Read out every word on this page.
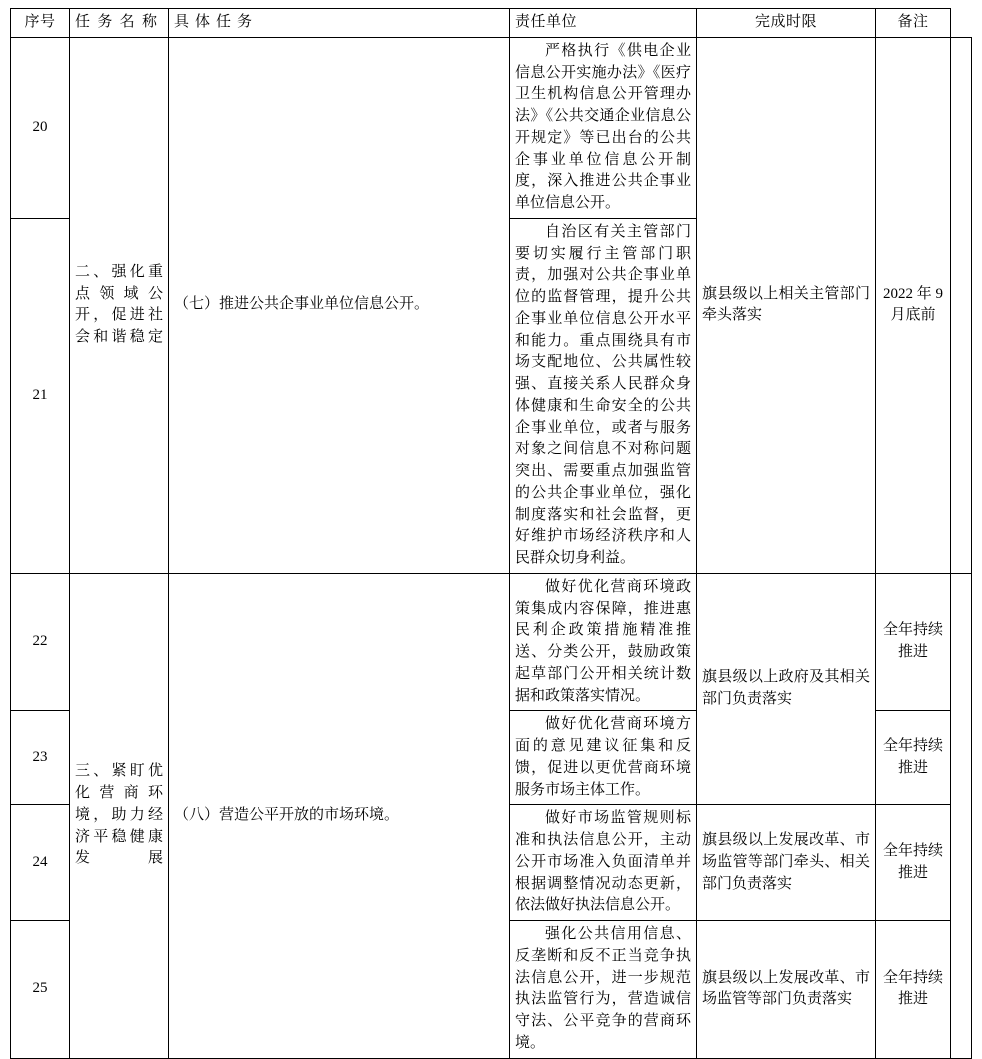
序号	任务名称	具体任务	责任单位	完成时限	备注	
20	二、强化重点领域公开，促进社会和谐稳定	（七）推进公共企事业单位信息公开。	严格执行《供电企业信息公开实施办法》《医疗卫生机构信息公开管理办法》《公共交通企业信息公开规定》等已出台的公共企事业单位信息公开制度，深入推进公共企事业单位信息公开。	旗县级以上相关主管部门牵头落实	2022 年 9 月底前	
21			自治区有关主管部门要切实履行主管部门职责，加强对公共企事业单位的监督管理，提升公共企事业单位信息公开水平和能力。重点围绕具有市场支配地位、公共属性较强、直接关系人民群众身体健康和生命安全的公共企事业单位，或者与服务对象之间信息不对称问题突出、需要重点加强监管的公共企事业单位，强化制度落实和社会监督，更好维护市场经济秩序和人民群众切身利益。			
22	三、紧盯优化营商环境，助力经济平稳健康发展	（八）营造公平开放的市场环境。	做好优化营商环境政策集成内容保障，推进惠民利企政策措施精准推送、分类公开，鼓励政策起草部门公开相关统计数据和政策落实情况。	旗县级以上政府及其相关部门负责落实	全年持续推进	
23			做好优化营商环境方面的意见建议征集和反馈，促进以更优营商环境服务市场主体工作。		全年持续推进	
24			做好市场监管规则标准和执法信息公开，主动公开市场准入负面清单并根据调整情况动态更新，依法做好执法信息公开。	旗县级以上发展改革、市场监管等部门牵头、相关部门负责落实	全年持续推进	
25			强化公共信用信息、反垄断和反不正当竞争执法信息公开，进一步规范执法监管行为，营造诚信守法、公平竞争的营商环境。	旗县级以上发展改革、市场监管等部门负责落实	全年持续推进	
